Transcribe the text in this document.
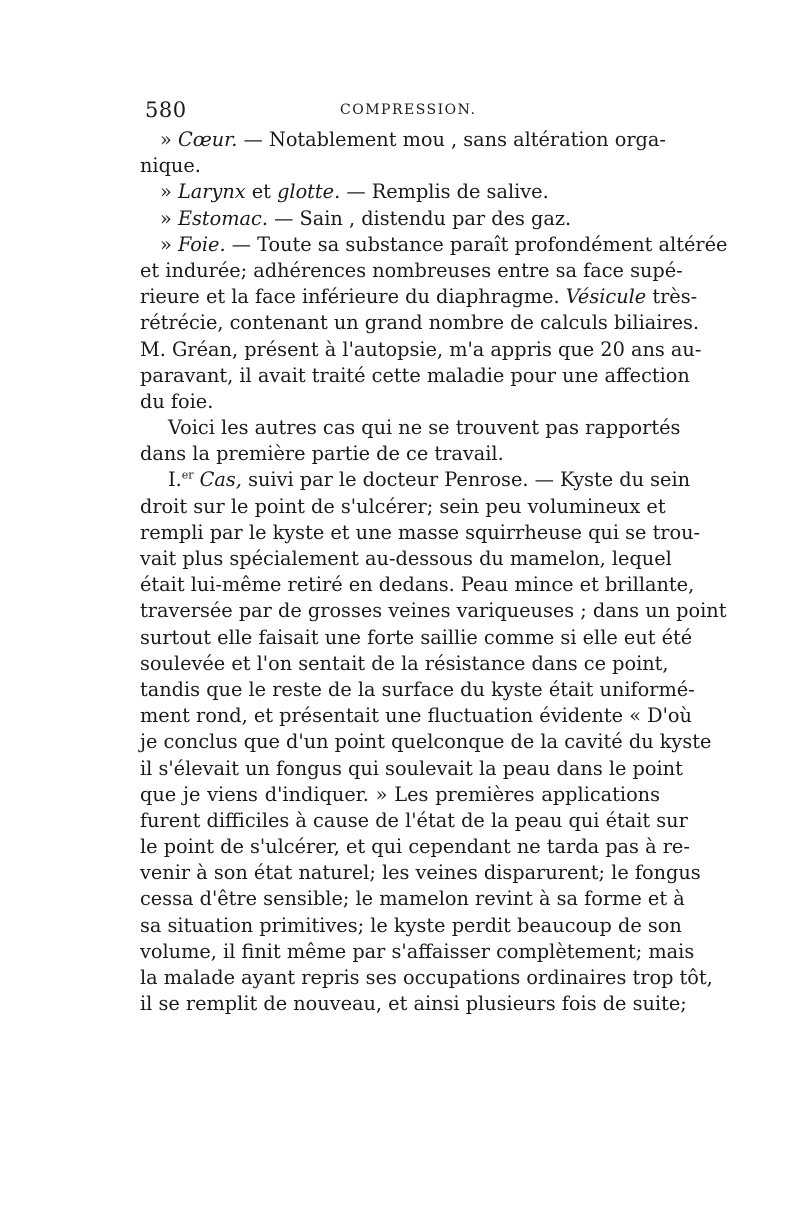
580	COMPRESSION.
» Cœur. — Notablement mou , sans altération orga-
nique.
» Larynx et glotte. — Remplis de salive.
» Estomac. — Sain , distendu par des gaz.
» Foie. — Toute sa substance paraît profondément altérée
et indurée; adhérences nombreuses entre sa face supé-
rieure et la face inférieure du diaphragme. Vésicule très-
rétrécie, contenant un grand nombre de calculs biliaires.
M. Gréan, présent à l'autopsie, m'a appris que 20 ans au-
paravant, il avait traité cette maladie pour une affection
du foie.
Voici les autres cas qui ne se trouvent pas rapportés
dans la première partie de ce travail.
I.$^{er}$ Cas, suivi par le docteur Penrose. — Kyste du sein
droit sur le point de s'ulcérer; sein peu volumineux et
rempli par le kyste et une masse squirrheuse qui se trou-
vait plus spécialement au-dessous du mamelon, lequel
était lui-même retiré en dedans. Peau mince et brillante,
traversée par de grosses veines variqueuses ; dans un point
surtout elle faisait une forte saillie comme si elle eut été
soulevée et l'on sentait de la résistance dans ce point,
tandis que le reste de la surface du kyste était uniformé-
ment rond, et présentait une fluctuation évidente « D'où
je conclus que d'un point quelconque de la cavité du kyste
il s'élevait un fongus qui soulevait la peau dans le point
que je viens d'indiquer. » Les premières applications
furent difficiles à cause de l'état de la peau qui était sur
le point de s'ulcérer, et qui cependant ne tarda pas à re-
venir à son état naturel; les veines disparurent; le fongus
cessa d'être sensible; le mamelon revint à sa forme et à
sa situation primitives; le kyste perdit beaucoup de son
volume, il finit même par s'affaisser complètement; mais
la malade ayant repris ses occupations ordinaires trop tôt,
il se remplit de nouveau, et ainsi plusieurs fois de suite;
